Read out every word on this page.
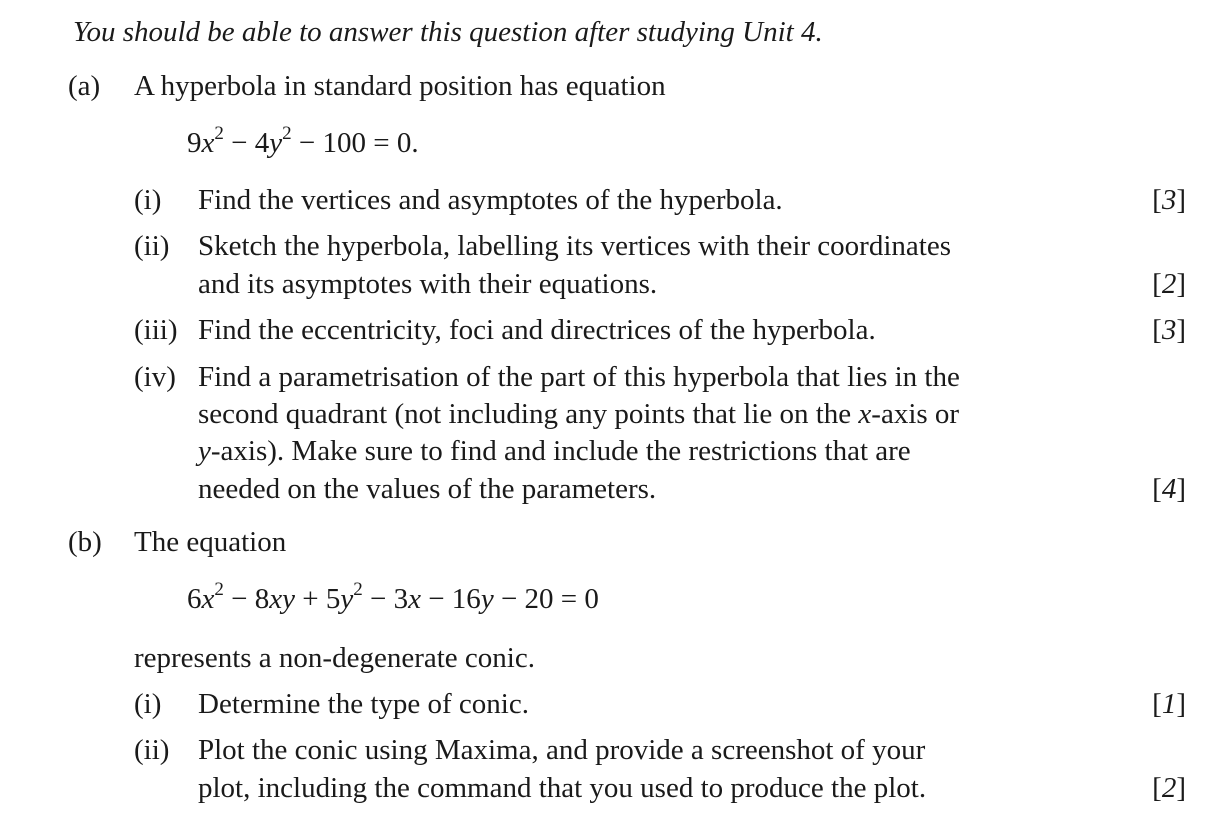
You should be able to answer this question after studying Unit 4.
(a) A hyperbola in standard position has equation
$9x^2 - 4y^2 - 100 = 0$.
(i) Find the vertices and asymptotes of the hyperbola.	[3]
(ii) Sketch the hyperbola, labelling its vertices with their coordinates
and its asymptotes with their equations.	[2]
(iii) Find the eccentricity, foci and directrices of the hyperbola.	[3]
(iv) Find a parametrisation of the part of this hyperbola that lies in the
second quadrant (not including any points that lie on the x-axis or
y-axis). Make sure to find and include the restrictions that are
needed on the values of the parameters.	[4]
(b) The equation
$6x^2 - 8xy + 5y^2 - 3x - 16y - 20 = 0$
represents a non-degenerate conic.
(i) Determine the type of conic.	[1]
(ii) Plot the conic using Maxima, and provide a screenshot of your
plot, including the command that you used to produce the plot.	[2]
